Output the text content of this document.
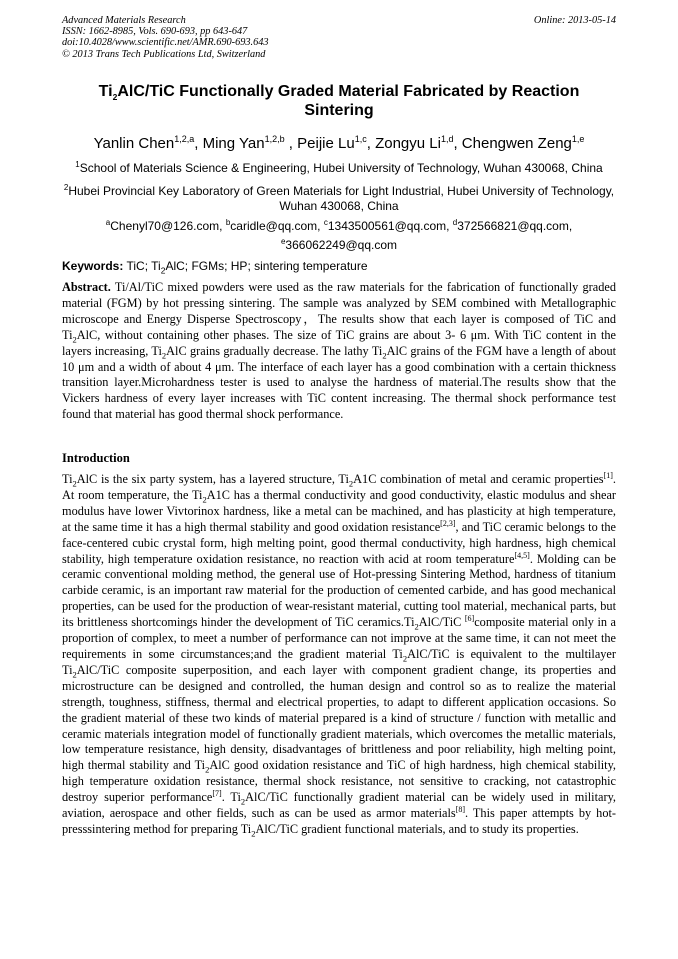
Advanced Materials Research
ISSN: 1662-8985, Vols. 690-693, pp 643-647
doi:10.4028/www.scientific.net/AMR.690-693.643
© 2013 Trans Tech Publications Ltd, Switzerland
Online: 2013-05-14
$Ti_2AlC$/TiC Functionally Graded Material Fabricated by Reaction Sintering
Yanlin Chen$^{1,2,a}$, Ming Yan$^{1,2,b}$ , Peijie Lu$^{1,c}$, Zongyu Li$^{1,d}$, Chengwen Zeng$^{1,e}$
$^1$School of Materials Science & Engineering, Hubei University of Technology, Wuhan 430068, China
$^2$Hubei Provincial Key Laboratory of Green Materials for Light Industrial, Hubei University of Technology, Wuhan 430068, China
$^a$Chenyl70@126.com, $^b$caridle@qq.com, $^c$1343500561@qq.com, $^d$372566821@qq.com,
$^e$366062249@qq.com
Keywords: TiC; $Ti_2AlC$; FGMs; HP; sintering temperature
Abstract. Ti/Al/TiC mixed powders were used as the raw materials for the fabrication of functionally graded material (FGM) by hot pressing sintering. The sample was analyzed by SEM combined with Metallographic microscope and Energy Disperse Spectroscopy，The results show that each layer is composed of TiC and $Ti_2AlC$, without containing other phases. The size of TiC grains are about 3- 6 μm. With TiC content in the layers increasing, $Ti_2AlC$ grains gradually decrease. The lathy $Ti_2AlC$ grains of the FGM have a length of about 10 μm and a width of about 4 μm. The interface of each layer has a good combination with a certain thickness transition layer.Microhardness tester is used to analyse the hardness of material.The results show that the Vickers hardness of every layer increases with TiC content increasing. The thermal shock performance test found that material has good thermal shock performance.
Introduction
$Ti_2AlC$ is the six party system, has a layered structure, $Ti_2A1C$ combination of metal and ceramic properties[1]. At room temperature, the $Ti_2A1C$ has a thermal conductivity and good conductivity, elastic modulus and shear modulus have lower Vivtorinox hardness, like a metal can be machined, and has plasticity at high temperature, at the same time it has a high thermal stability and good oxidation resistance[2,3], and TiC ceramic belongs to the face-centered cubic crystal form, high melting point, good thermal conductivity, high hardness, high chemical stability, high temperature oxidation resistance, no reaction with acid at room temperature[4,5]. Molding can be ceramic conventional molding method, the general use of Hot-pressing Sintering Method, hardness of titanium carbide ceramic, is an important raw material for the production of cemented carbide, and has good mechanical properties, can be used for the production of wear-resistant material, cutting tool material, mechanical parts, but its brittleness shortcomings hinder the development of TiC $ceramics.Ti_2AlC$/TiC [6]composite material only in a proportion of complex, to meet a number of performance can not improve at the same time, it can not meet the requirements in some circumstances;and the gradient material $Ti_2AlC$/TiC is equivalent to the multilayer $Ti_2AlC$/TiC composite superposition, and each layer with component gradient change, its properties and microstructure can be designed and controlled, the human design and control so as to realize the material strength, toughness, stiffness, thermal and electrical properties, to adapt to different application occasions. So the gradient material of these two kinds of material prepared is a kind of structure / function with metallic and ceramic materials integration model of functionally gradient materials, which overcomes the metallic materials, low temperature resistance, high density, disadvantages of brittleness and poor reliability, high melting point, high thermal stability and $Ti_2AlC$ good oxidation resistance and TiC of high hardness, high chemical stability, high temperature oxidation resistance, thermal shock resistance, not sensitive to cracking, not catastrophic destroy superior performance[7]. $Ti_2AlC$/TiC functionally gradient material can be widely used in military, aviation, aerospace and other fields, such as can be used as armor materials[8]. This paper attempts by hot-presssintering method for preparing $Ti_2AlC$/TiC gradient functional materials, and to study its properties.
